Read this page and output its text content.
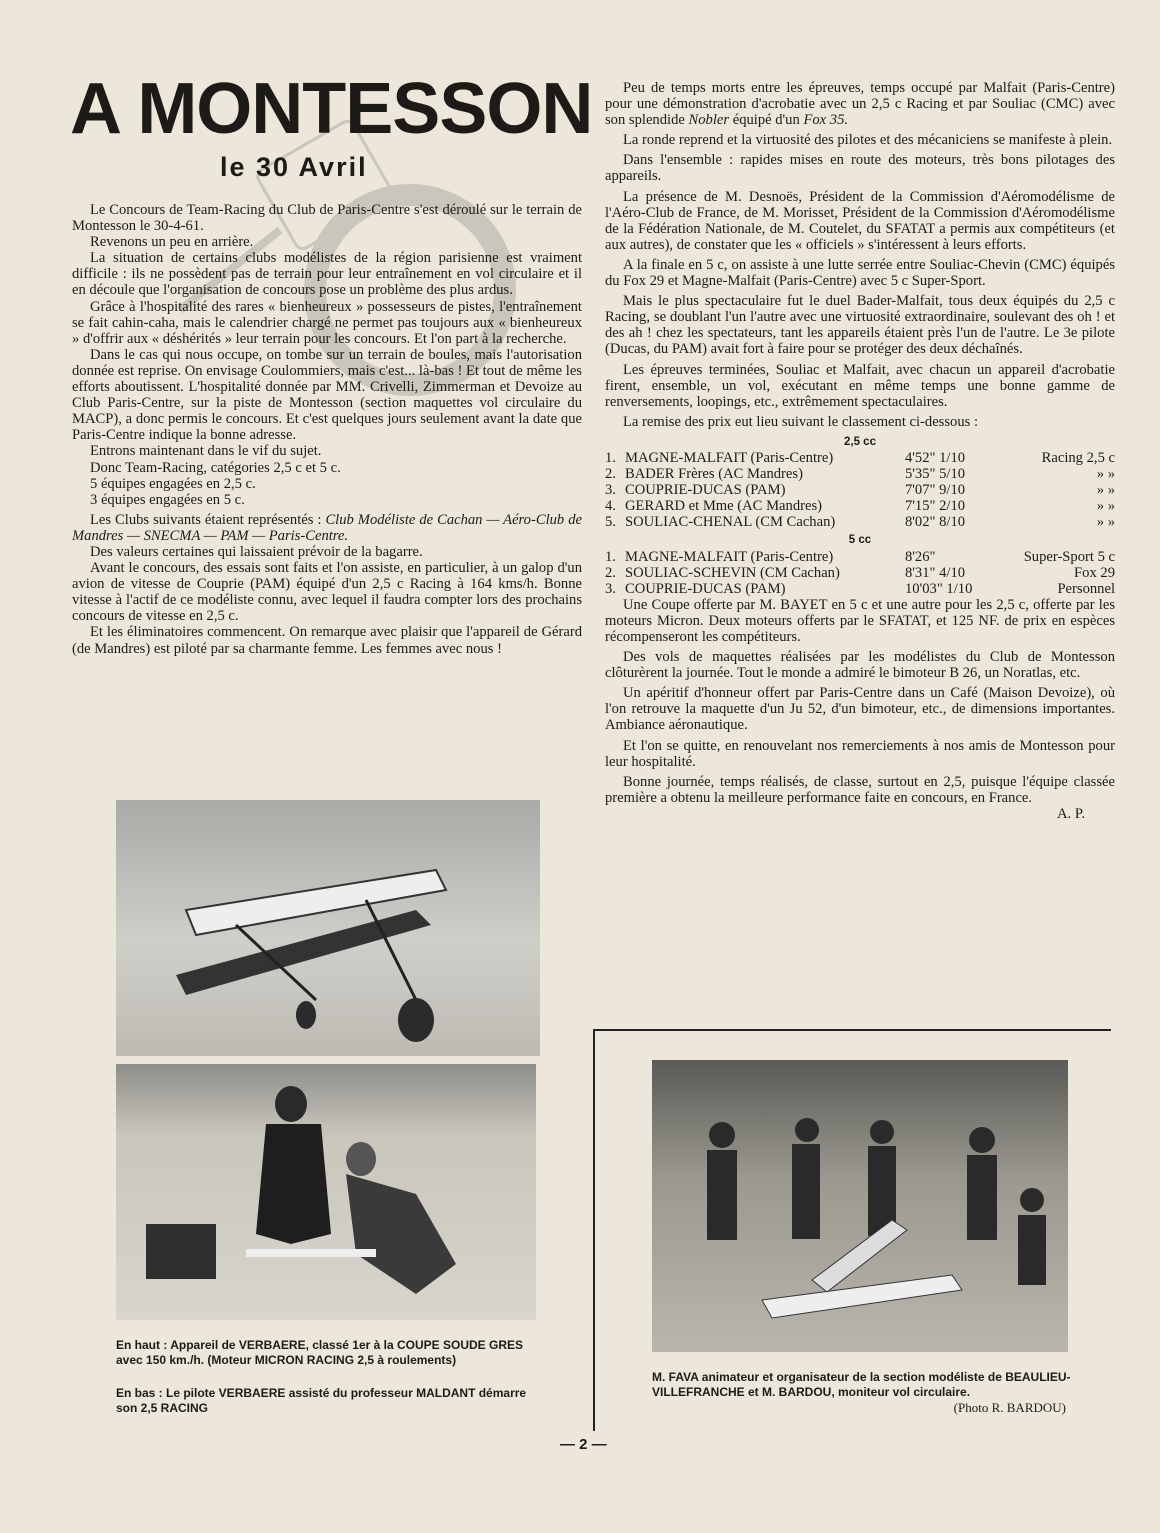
A MONTESSON
le 30 Avril

Le Concours de Team-Racing du Club de Paris-Centre s'est déroulé sur le terrain de Montesson le 30-4-61.

Revenons un peu en arrière.

La situation de certains clubs modélistes de la région parisienne est vraiment difficile : ils ne possèdent pas de terrain pour leur entraînement en vol circulaire et il en découle que l'organisation de concours pose un problème des plus ardus.

Grâce à l'hospitalité des rares « bienheureux » possesseurs de pistes, l'entraînement se fait cahin-caha, mais le calendrier chargé ne permet pas toujours aux « bienheureux » d'offrir aux « déshérités » leur terrain pour les concours. Et l'on part à la recherche.

Dans le cas qui nous occupe, on tombe sur un terrain de boules, mais l'autorisation donnée est reprise. On envisage Coulommiers, mais c'est... là-bas ! Et tout de même les efforts aboutissent. L'hospitalité donnée par MM. Crivelli, Zimmerman et Devoize au Club Paris-Centre, sur la piste de Montesson (section maquettes vol circulaire du MACP), a donc permis le concours. Et c'est quelques jours seulement avant la date que Paris-Centre indique la bonne adresse.

Entrons maintenant dans le vif du sujet.

Donc Team-Racing, catégories 2,5 c et 5 c.

5 équipes engagées en 2,5 c.

3 équipes engagées en 5 c.

Les Clubs suivants étaient représentés : Club Modéliste de Cachan — Aéro-Club de Mandres — SNECMA — PAM — Paris-Centre.

Des valeurs certaines qui laissaient prévoir de la bagarre.

Avant le concours, des essais sont faits et l'on assiste, en particulier, à un galop d'un avion de vitesse de Couprie (PAM) équipé d'un 2,5 c Racing à 164 kms/h. Bonne vitesse à l'actif de ce modéliste connu, avec lequel il faudra compter lors des prochains concours de vitesse en 2,5 c.

Et les éliminatoires commencent. On remarque avec plaisir que l'appareil de Gérard (de Mandres) est piloté par sa charmante femme. Les femmes avec nous !

Peu de temps morts entre les épreuves, temps occupé par Malfait (Paris-Centre) pour une démonstration d'acrobatie avec un 2,5 c Racing et par Souliac (CMC) avec son splendide Nobler équipé d'un Fox 35.

La ronde reprend et la virtuosité des pilotes et des mécaniciens se manifeste à plein.

Dans l'ensemble : rapides mises en route des moteurs, très bons pilotages des appareils.

La présence de M. Desnoës, Président de la Commission d'Aéromodélisme de l'Aéro-Club de France, de M. Morisset, Président de la Commission d'Aéromodélisme de la Fédération Nationale, de M. Coutelet, du SFATAT a permis aux compétiteurs (et aux autres), de constater que les « officiels » s'intéressent à leurs efforts.

A la finale en 5 c, on assiste à une lutte serrée entre Souliac-Chevin (CMC) équipés du Fox 29 et Magne-Malfait (Paris-Centre) avec 5 c Super-Sport.

Mais le plus spectaculaire fut le duel Bader-Malfait, tous deux équipés du 2,5 c Racing, se doublant l'un l'autre avec une virtuosité extraordinaire, soulevant des oh ! et des ah ! chez les spectateurs, tant les appareils étaient près l'un de l'autre. Le 3e pilote (Ducas, du PAM) avait fort à faire pour se protéger des deux déchaînés.

Les épreuves terminées, Souliac et Malfait, avec chacun un appareil d'acrobatie firent, ensemble, un vol, exécutant en même temps une bonne gamme de renversements, loopings, etc., extrêmement spectaculaires.

La remise des prix eut lieu suivant le classement ci-dessous :

2,5 cc

1.	MAGNE-MALFAIT (Paris-Centre)	4'52" 1/10	Racing 2,5 c
2.	BADER Frères (AC Mandres)	5'35" 5/10	» »
3.	COUPRIE-DUCAS (PAM)	7'07" 9/10	» »
4.	GERARD et Mme (AC Mandres)	7'15" 2/10	» »
5.	SOULIAC-CHENAL (CM Cachan)	8'02" 8/10	» »

5 cc

1.	MAGNE-MALFAIT (Paris-Centre)	8'26"	Super-Sport 5 c
2.	SOULIAC-SCHEVIN (CM Cachan)	8'31" 4/10	Fox 29
3.	COUPRIE-DUCAS (PAM)	10'03" 1/10	Personnel

Une Coupe offerte par M. BAYET en 5 c et une autre pour les 2,5 c, offerte par les moteurs Micron. Deux moteurs offerts par le SFATAT, et 125 NF. de prix en espèces récompenseront les compétiteurs.

Des vols de maquettes réalisées par les modélistes du Club de Montesson clôturèrent la journée. Tout le monde a admiré le bimoteur B 26, un Noratlas, etc.

Un apéritif d'honneur offert par Paris-Centre dans un Café (Maison Devoize), où l'on retrouve la maquette d'un Ju 52, d'un bimoteur, etc., de dimensions importantes. Ambiance aéronautique.

Et l'on se quitte, en renouvelant nos remerciements à nos amis de Montesson pour leur hospitalité.

Bonne journée, temps réalisés, de classe, surtout en 2,5, puisque l'équipe classée première a obtenu la meilleure performance faite en concours, en France.

A. P.

En haut : Appareil de VERBAERE, classé 1er à la COUPE SOUDE GRES avec 150 km./h. (Moteur MICRON RACING 2,5 à roulements)
En bas : Le pilote VERBAERE assisté du professeur MALDANT démarre son 2,5 RACING
M. FAVA animateur et organisateur de la section modéliste de BEAULIEU-VILLEFRANCHE et M. BARDOU, moniteur vol circulaire.
(Photo R. BARDOU)
— 2 —
